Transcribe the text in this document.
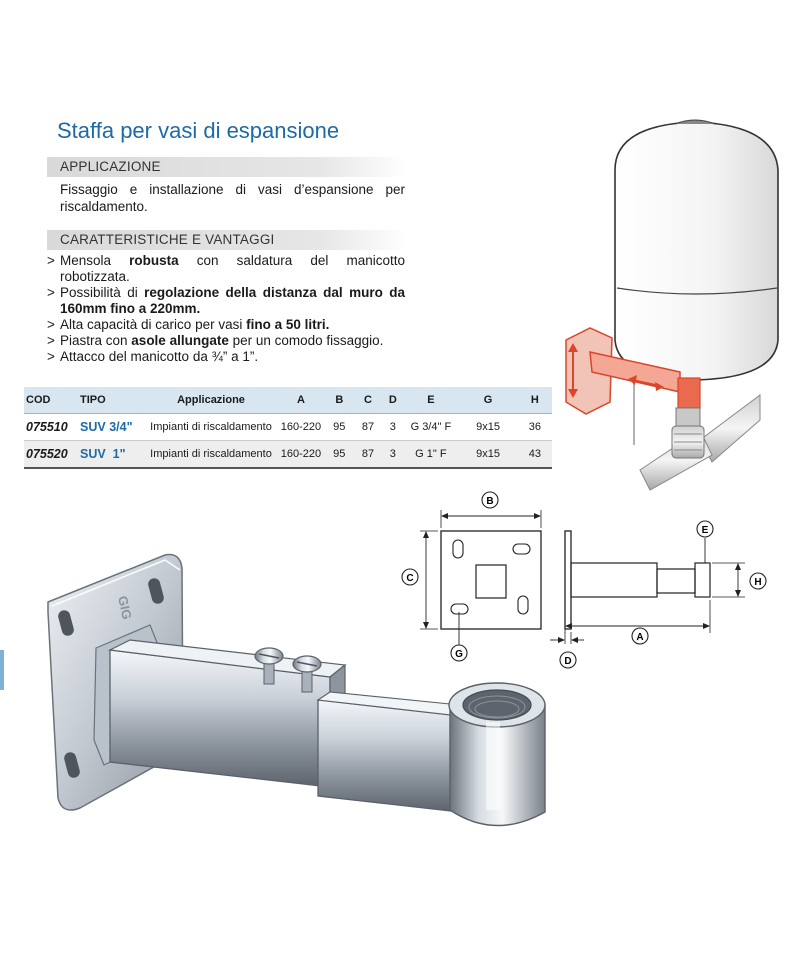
Staffa per vasi di espansione
APPLICAZIONE

Fissaggio e installazione di vasi d’espansione per riscaldamento.

CARATTERISTICHE E VANTAGGI

> Mensola robusta con saldatura del manicotto robotizzata.

> Possibilità di regolazione della distanza dal muro da 160mm fino a 220mm.

> Alta capacità di carico per vasi fino a 50 litri.

> Piastra con asole allungate per un comodo fissaggio.

> Attacco del manicotto da ¾” a 1”.

COD	TIPO	Applicazione	A	B	C	D	E	G	H
075510	SUV 3/4"	Impianti di riscaldamento	160-220	95	87	3	G 3/4" F	9x15	36
075520	SUV  1"	Impianti di riscaldamento	160-220	95	87	3	G 1" F	9x15	43
B
C
G
E
H
A
D
GIG
